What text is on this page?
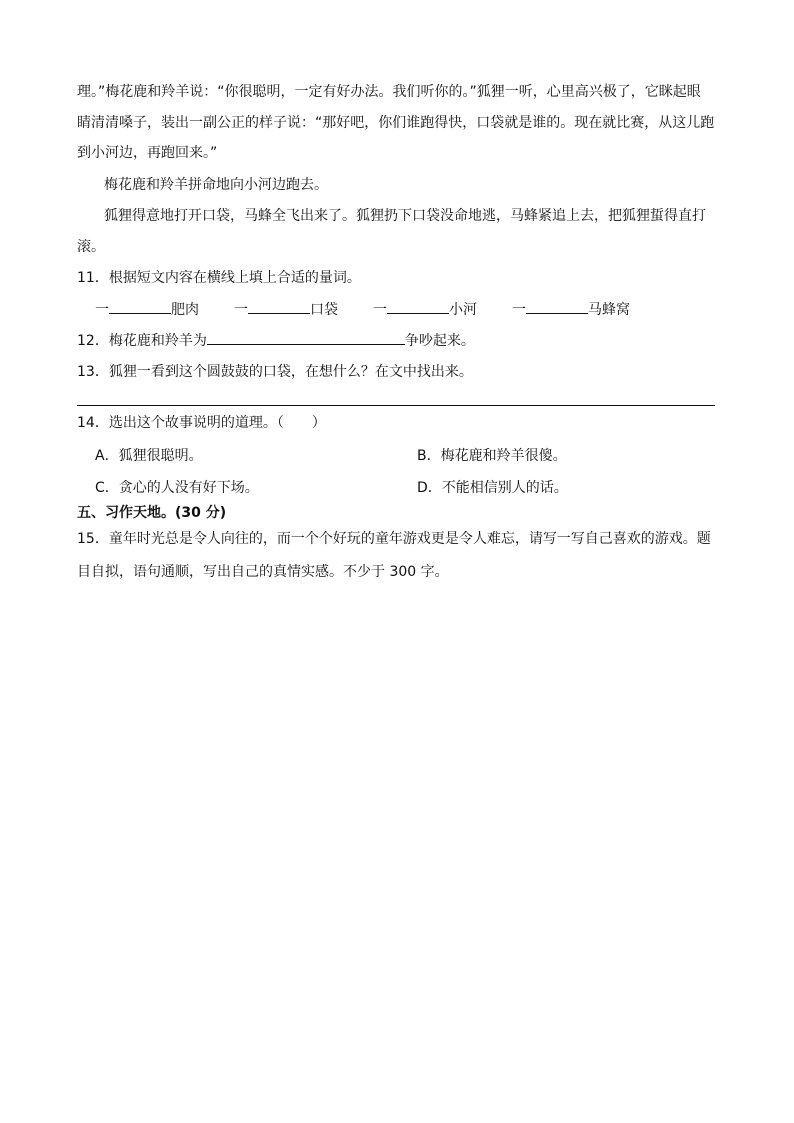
理。”梅花鹿和羚羊说：“你很聪明，一定有好办法。我们听你的。”狐狸一听，心里高兴极了，它眯起眼
睛清清嗓子，装出一副公正的样子说：“那好吧，你们谁跑得快，口袋就是谁的。现在就比赛，从这儿跑
到小河边，再跑回来。”
梅花鹿和羚羊拼命地向小河边跑去。
狐狸得意地打开口袋，马蜂全飞出来了。狐狸扔下口袋没命地逃，马蜂紧追上去，把狐狸蜇得直打
滚。
11．根据短文内容在横线上填上合适的量词。
一	肥肉	一	口袋	一	小河	一	马蜂窝
12．梅花鹿和羚羊为	争吵起来。
13．狐狸一看到这个圆鼓鼓的口袋，在想什么？在文中找出来。
14．选出这个故事说明的道理。（　　）
A．狐狸很聪明。	B．梅花鹿和羚羊很傻。
C．贪心的人没有好下场。	D．不能相信别人的话。
五、习作天地。(30 分)
15．童年时光总是令人向往的，而一个个好玩的童年游戏更是令人难忘，请写一写自己喜欢的游戏。题
目自拟，语句通顺，写出自己的真情实感。不少于 300 字。
